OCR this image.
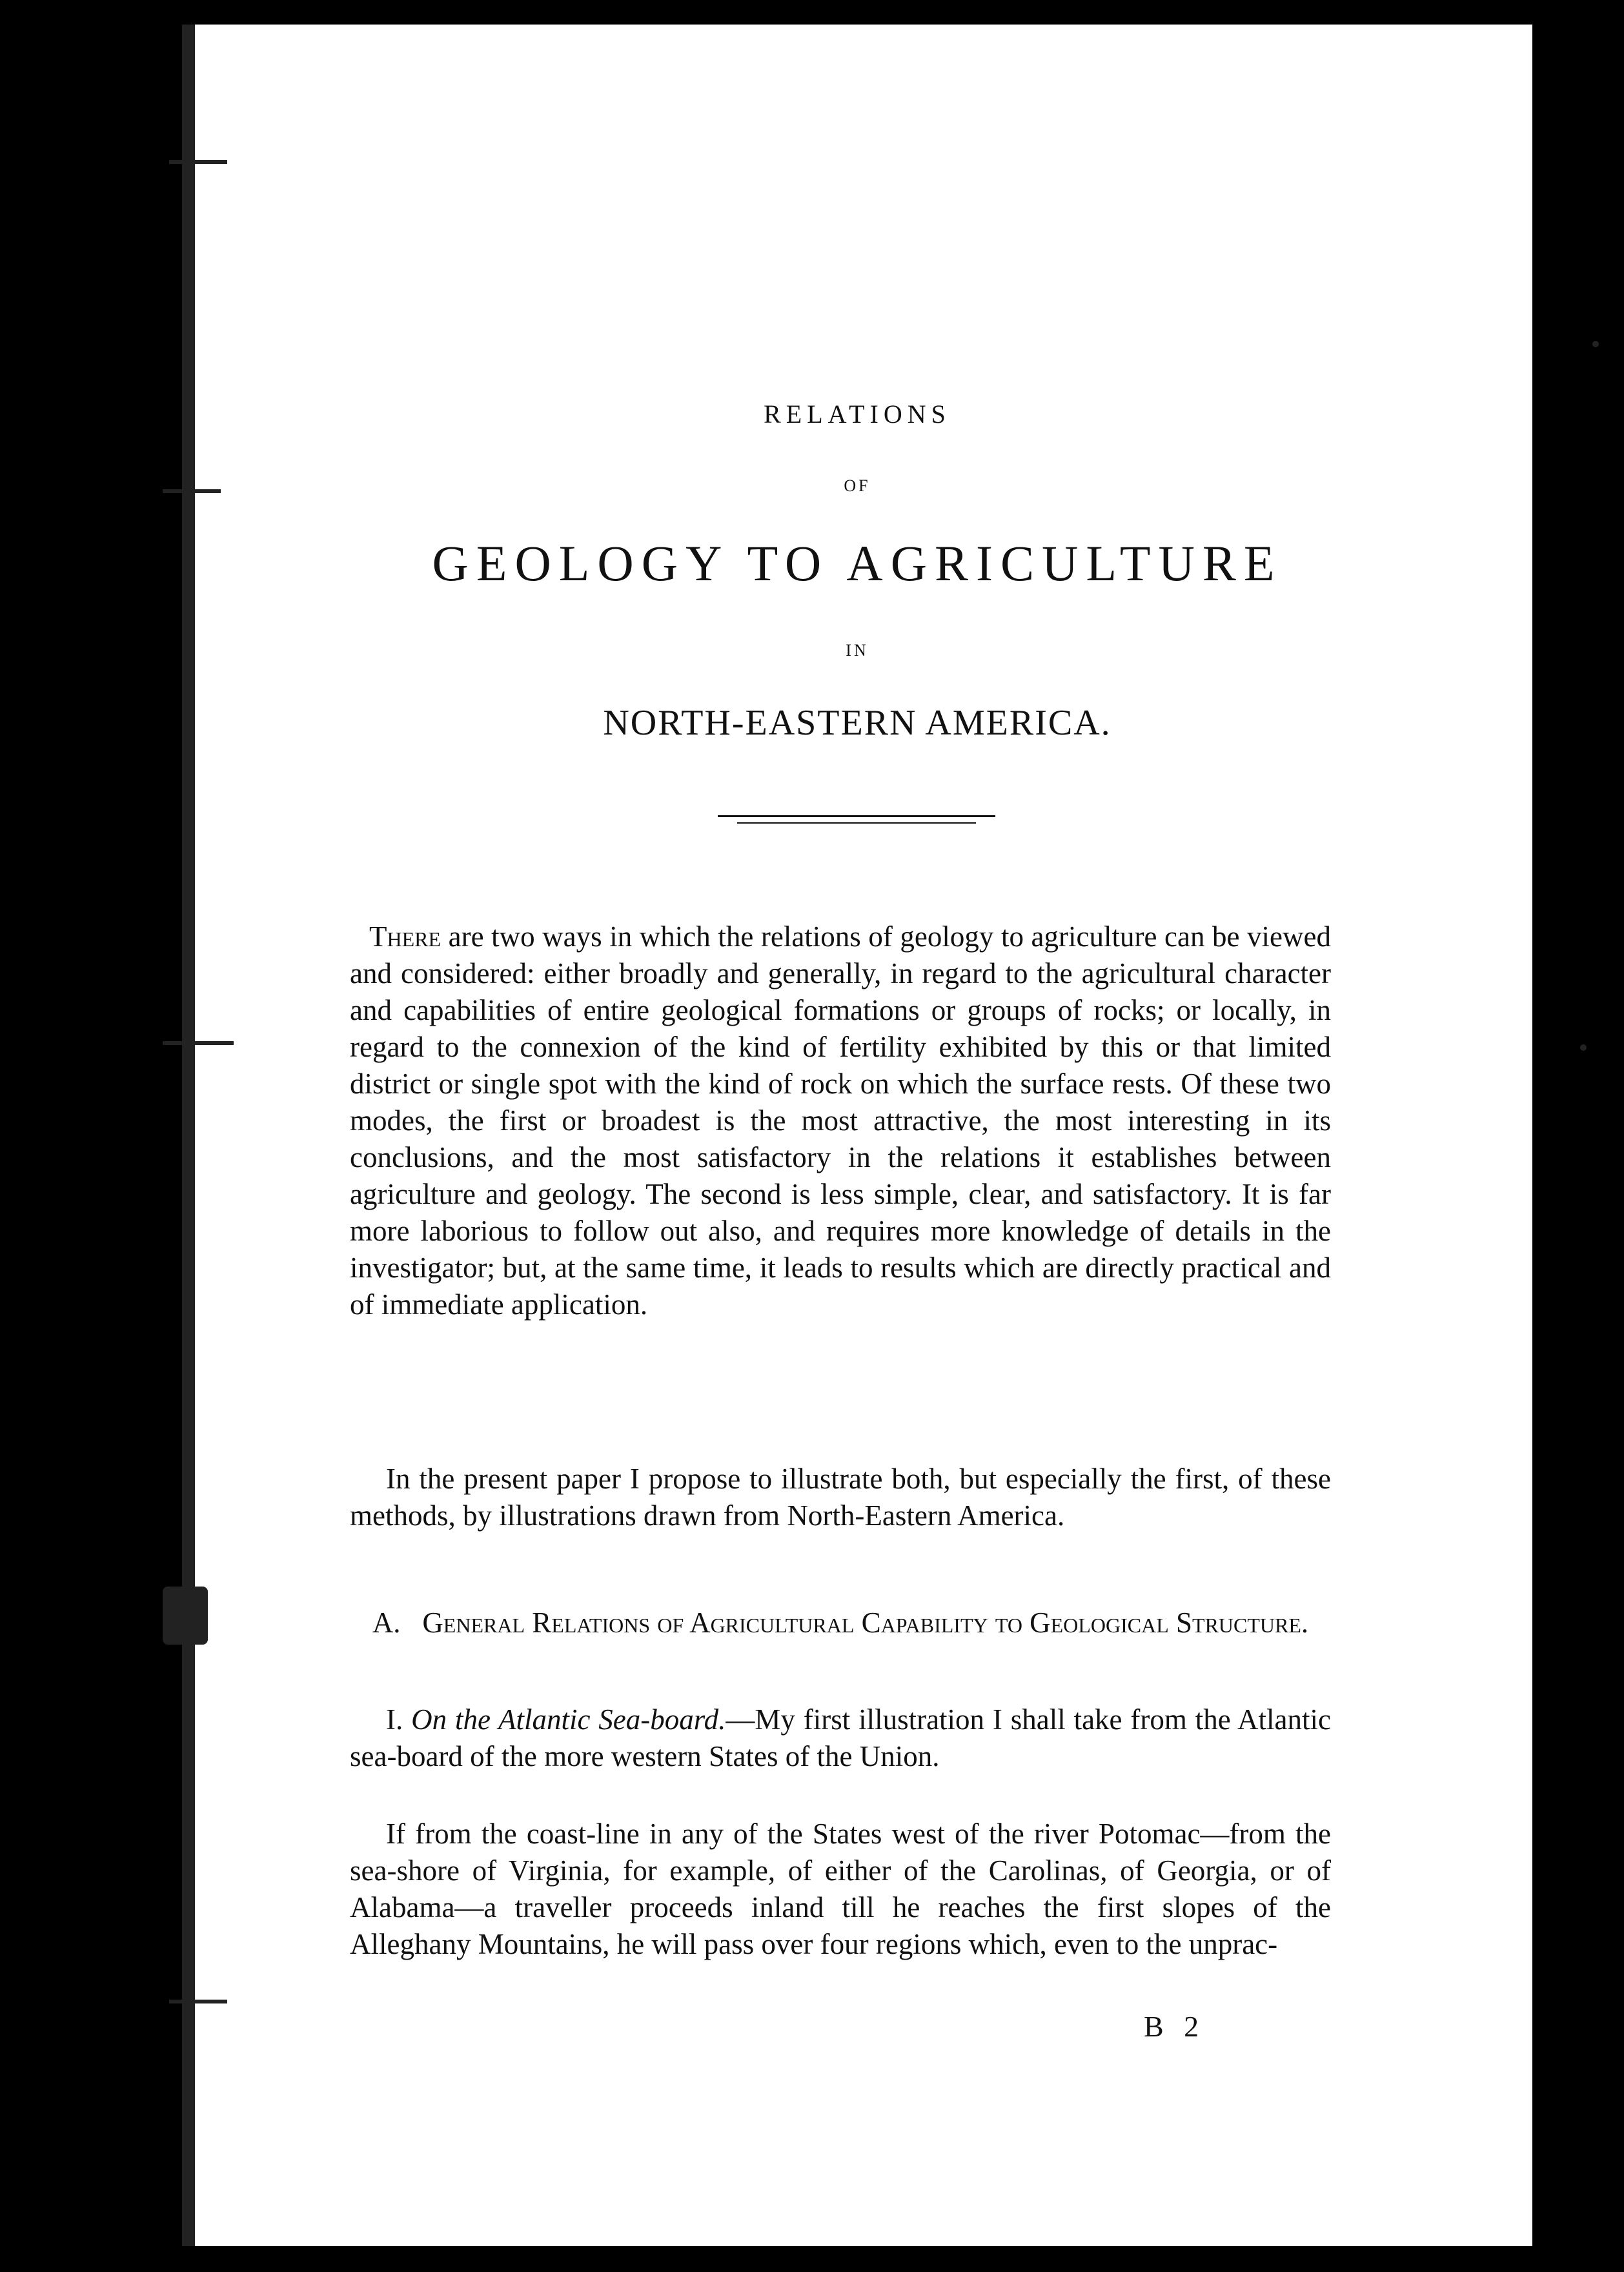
RELATIONS
OF
GEOLOGY TO AGRICULTURE
IN
NORTH-EASTERN AMERICA.
There are two ways in which the relations of geology to agriculture can be viewed and considered: either broadly and generally, in regard to the agricultural character and capabilities of entire geological formations or groups of rocks; or locally, in regard to the connexion of the kind of fertility exhibited by this or that limited district or single spot with the kind of rock on which the surface rests. Of these two modes, the first or broadest is the most attractive, the most interesting in its conclusions, and the most satisfactory in the relations it establishes between agriculture and geology. The second is less simple, clear, and satisfactory. It is far more laborious to follow out also, and requires more knowledge of details in the investigator; but, at the same time, it leads to results which are directly practical and of immediate application.
In the present paper I propose to illustrate both, but especially the first, of these methods, by illustrations drawn from North-Eastern America.
A. General Relations of Agricultural Capability to Geological Structure.
I. On the Atlantic Sea-board.—My first illustration I shall take from the Atlantic sea-board of the more western States of the Union.
If from the coast-line in any of the States west of the river Potomac—from the sea-shore of Virginia, for example, of either of the Carolinas, of Georgia, or of Alabama—a traveller proceeds inland till he reaches the first slopes of the Alleghany Mountains, he will pass over four regions which, even to the unprac-
B 2
